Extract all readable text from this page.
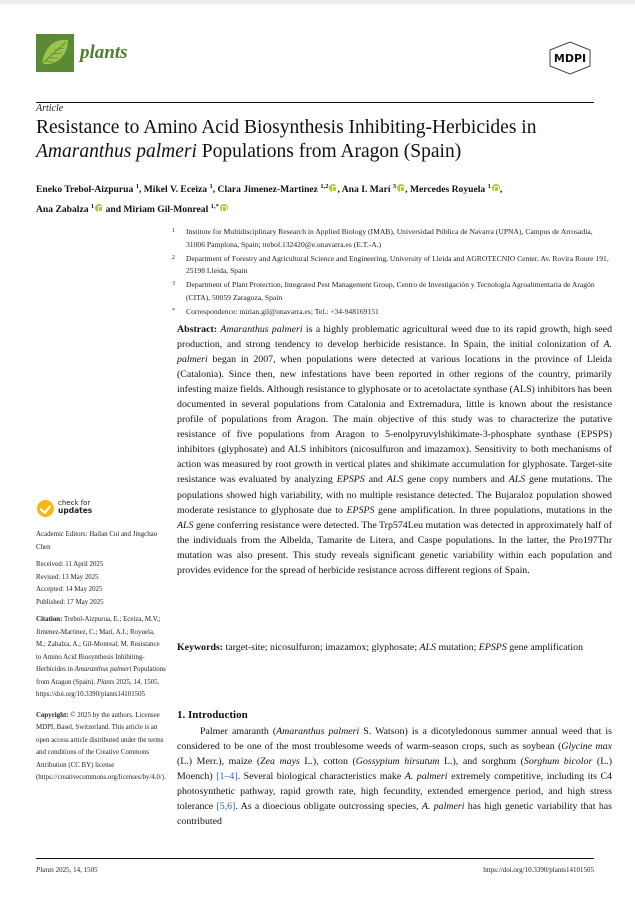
plants	MDPI
Article
Resistance to Amino Acid Biosynthesis Inhibiting-Herbicides in
Amaranthus palmeri Populations from Aragon (Spain)
Eneko Trebol-Aizpurua $^1$, Mikel V. Eceiza $^1$, Clara Jimenez-Martinez $^{1,2}$ , Ana I. Marí $^3$ , Mercedes Royuela $^1$ ,
Ana Zabalza $^1$ and Miriam Gil-Monreal $^{1,*}$
1 Institute for Multidisciplinary Research in Applied Biology (IMAB), Universidad Pública de Navarra (UPNA), Campus de Arrosadia, 31006 Pamplona, Spain; trebol.132420@e.unavarra.es (E.T.-A.)
2 Department of Forestry and Agricultural Science and Engineering, University of Lleida and AGROTECNIO Center, Av. Rovira Roure 191, 25198 Lleida, Spain
3 Department of Plant Protection, Integrated Pest Management Group, Centro de Investigación y Tecnología Agroalimentaria de Aragón (CITA), 50059 Zaragoza, Spain
* Correspondence: mirian.gil@unavarra.es; Tel.: +34-948169151
check for
updates
Academic Editors: Hailan Cui and Jingchao Chen
Received: 11 April 2025
Revised: 13 May 2025
Accepted: 14 May 2025
Published: 17 May 2025
Citation: Trebol-Aizpurua, E.; Eceiza, M.V.; Jimenez-Martinez, C.; Marí, A.I.; Royuela, M.; Zabalza, A.; Gil-Monreal, M. Resistance to Amino Acid Biosynthesis Inhibiting-Herbicides in Amaranthus palmeri Populations from Aragon (Spain). Plants 2025, 14, 1505. https://doi.org/10.3390/plants14101505
Copyright: © 2025 by the authors. Licensee MDPI, Basel, Switzerland. This article is an open access article distributed under the terms and conditions of the Creative Commons Attribution (CC BY) license (https://creativecommons.org/licenses/by/4.0/).
Abstract: Amaranthus palmeri is a highly problematic agricultural weed due to its rapid growth, high seed production, and strong tendency to develop herbicide resistance. In Spain, the initial colonization of A. palmeri began in 2007, when populations were detected at various locations in the province of Lleida (Catalonia). Since then, new infestations have been reported in other regions of the country, primarily infesting maize fields. Although resistance to glyphosate or to acetolactate synthase (ALS) inhibitors has been documented in several populations from Catalonia and Extremadura, little is known about the resistance profile of populations from Aragon. The main objective of this study was to characterize the putative resistance of five populations from Aragon to 5-enolpyruvylshikimate-3-phosphate synthase (EPSPS) inhibitors (glyphosate) and ALS inhibitors (nicosulfuron and imazamox). Sensitivity to both mechanisms of action was measured by root growth in vertical plates and shikimate accumulation for glyphosate. Target-site resistance was evaluated by analyzing EPSPS and ALS gene copy numbers and ALS gene mutations. The populations showed high variability, with no multiple resistance detected. The Bujaraloz population showed moderate resistance to glyphosate due to EPSPS gene amplification. In three populations, mutations in the ALS gene conferring resistance were detected. The Trp574Leu mutation was detected in approximately half of the individuals from the Albelda, Tamarite de Litera, and Caspe populations. In the latter, the Pro197Thr mutation was also present. This study reveals significant genetic variability within each population and provides evidence for the spread of herbicide resistance across different regions of Spain.
Keywords: target-site; nicosulfuron; imazamox; glyphosate; ALS mutation; EPSPS gene amplification
1. Introduction
Palmer amaranth (Amaranthus palmeri S. Watson) is a dicotyledonous summer annual weed that is considered to be one of the most troublesome weeds of warm-season crops, such as soybean (Glycine max (L.) Merr.), maize (Zea mays L.), cotton (Gossypium hirsutum L.), and sorghum (Sorghum bicolor (L.) Moench) [1–4]. Several biological characteristics make A. palmeri extremely competitive, including its C4 photosynthetic pathway, rapid growth rate, high fecundity, extended emergence period, and high stress tolerance [5,6]. As a dioecious obligate outcrossing species, A. palmeri has high genetic variability that has contributed
Plants 2025, 14, 1505	https://doi.org/10.3390/plants14101505
